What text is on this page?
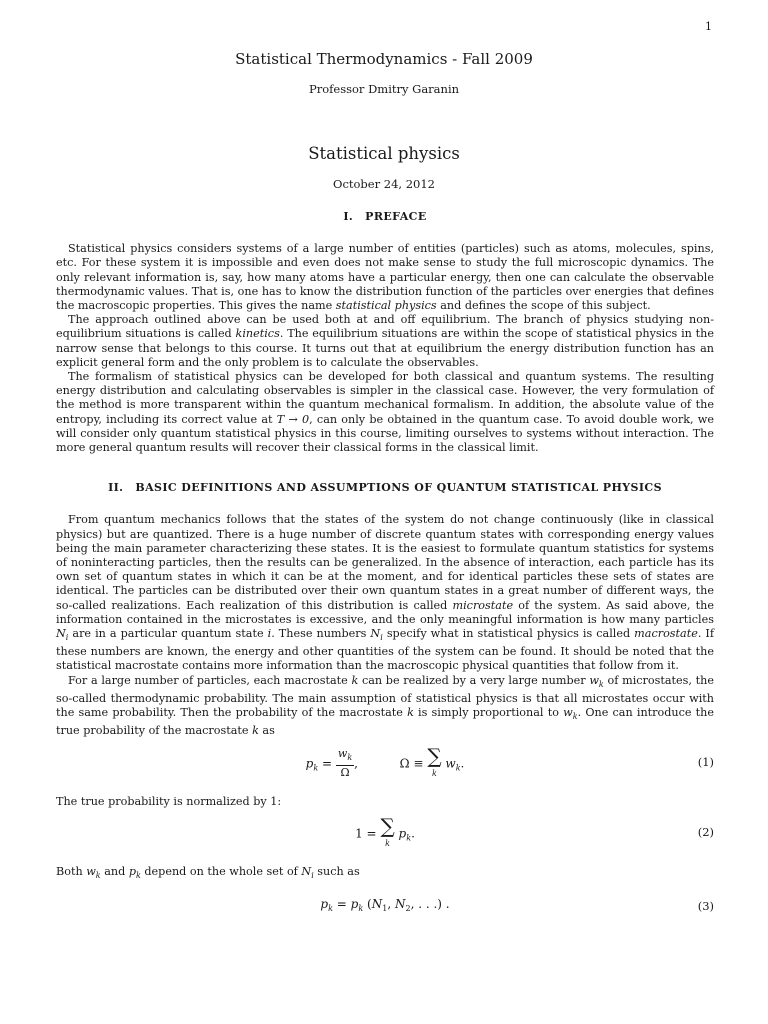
1
Statistical Thermodynamics - Fall 2009
Professor Dmitry Garanin
Statistical physics
October 24, 2012
I. PREFACE

Statistical physics considers systems of a large number of entities (particles) such as atoms, molecules, spins, etc. For these system it is impossible and even does not make sense to study the full microscopic dynamics. The only relevant information is, say, how many atoms have a particular energy, then one can calculate the observable thermodynamic values. That is, one has to know the distribution function of the particles over energies that defines the macroscopic properties. This gives the name statistical physics and defines the scope of this subject.

The approach outlined above can be used both at and off equilibrium. The branch of physics studying non-equilibrium situations is called kinetics. The equilibrium situations are within the scope of statistical physics in the narrow sense that belongs to this course. It turns out that at equilibrium the energy distribution function has an explicit general form and the only problem is to calculate the observables.

The formalism of statistical physics can be developed for both classical and quantum systems. The resulting energy distribution and calculating observables is simpler in the classical case. However, the very formulation of the method is more transparent within the quantum mechanical formalism. In addition, the absolute value of the entropy, including its correct value at T → 0, can only be obtained in the quantum case. To avoid double work, we will consider only quantum statistical physics in this course, limiting ourselves to systems without interaction. The more general quantum results will recover their classical forms in the classical limit.

II. BASIC DEFINITIONS AND ASSUMPTIONS OF QUANTUM STATISTICAL PHYSICS

From quantum mechanics follows that the states of the system do not change continuously (like in classical physics) but are quantized. There is a huge number of discrete quantum states with corresponding energy values being the main parameter characterizing these states. It is the easiest to formulate quantum statistics for systems of noninteracting particles, then the results can be generalized. In the absence of interaction, each particle has its own set of quantum states in which it can be at the moment, and for identical particles these sets of states are identical. The particles can be distributed over their own quantum states in a great number of different ways, the so-called realizations. Each realization of this distribution is called microstate of the system. As said above, the information contained in the microstates is excessive, and the only meaningful information is how many particles $N_i$ are in a particular quantum state i. These numbers $N_i$ specify what in statistical physics is called macrostate. If these numbers are known, the energy and other quantities of the system can be found. It should be noted that the statistical macrostate contains more information than the macroscopic physical quantities that follow from it.

For a large number of particles, each macrostate k can be realized by a very large number $w_k$ of microstates, the so-called thermodynamic probability. The main assumption of statistical physics is that all microstates occur with the same probability. Then the probability of the macrostate k is simply proportional to $w_k$. One can introduce the true probability of the macrostate k as

$p_k = \frac{w_k}{\Omega}$ ,	Ω ≡ ∑
k
$w_k$.	(1)

The true probability is normalized by 1:

1 = ∑
k
$p_k$.	(2)

Both $w_k$ and $p_k$ depend on the whole set of $N_i$ such as

$p_k = p_k$ ($N_1$, $N_2$, . . .) .	(3)
